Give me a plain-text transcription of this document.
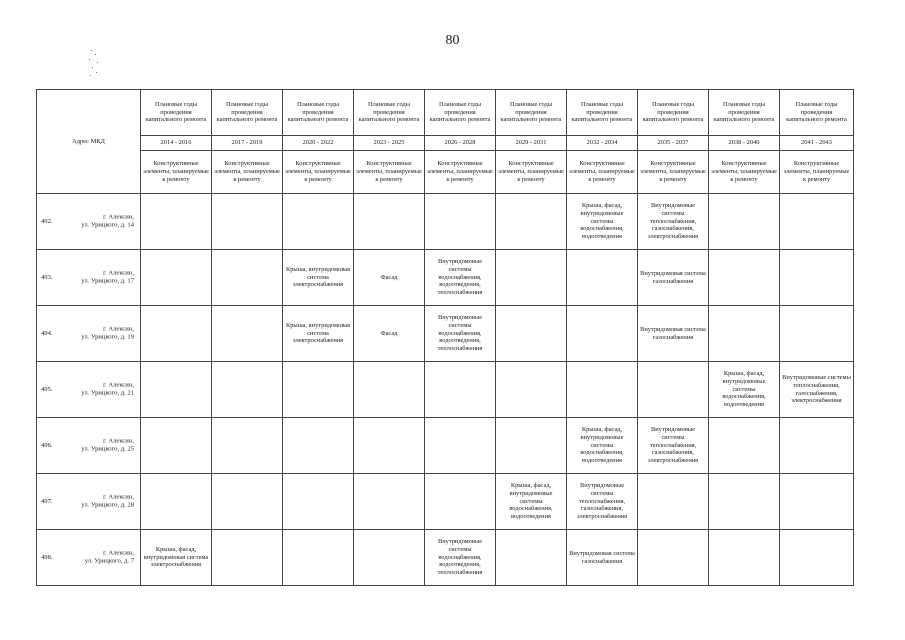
80
Адрес МКД	Плановые годы проведения капитального ремонта	Плановые годы проведения капитального ремонта	Плановые годы проведения капитального ремонта	Плановые годы проведения капитального ремонта	Плановые годы проведения капитального ремонта	Плановые годы проведения капитального ремонта	Плановые годы проведения капитального ремонта	Плановые годы проведения капитального ремонта	Плановые годы проведения капитального ремонта	Плановые годы проведения капитального ремонта
	2014 - 2016	2017 - 2019	2020 - 2022	2023 - 2025	2026 - 2028	2029 - 2031	2032 - 2034	2035 - 2037	2038 - 2040	2041 - 2043
	Конструктивные элементы, планируемые к ремонту	Конструктивные элементы, планируемые к ремонту	Конструктивные элементы, планируемые к ремонту	Конструктивные элементы, планируемые к ремонту	Конструктивные элементы, планируемые к ремонту	Конструктивные элементы, планируемые к ремонту	Конструктивные элементы, планируемые к ремонту	Конструктивные элементы, планируемые к ремонту	Конструктивные элементы, планируемые к ремонту	Конструктивные элементы, планируемые к ремонту

492.
г. Алексин,
ул. Урицкого, д. 14							Крыша, фасад, внутридомовые системы водоснабжения, водоотведения	Внутридомовые системы теплоснабжения, газоснабжения, электроснабжения		

493.
г. Алексин,
ул. Урицкого, д. 17			Крыша, внутридомовая система электроснабжения	Фасад	Внутридомовые системы водоснабжения, водоотведения, теплоснабжения			Внутридомовая система газоснабжения		

494.
г. Алексин,
ул. Урицкого, д. 19			Крыша, внутридомовая система электроснабжения	Фасад	Внутридомовые системы водоснабжения, водоотведения, теплоснабжения			Внутридомовая система газоснабжения		

495.
г. Алексин,
ул. Урицкого, д. 21									Крыша, фасад, внутридомовые системы водоснабжения, водоотведения	Внутридомовые системы теплоснабжения, газоснабжения, электроснабжения

496.
г. Алексин,
ул. Урицкого, д. 25							Крыша, фасад, внутридомовые системы водоснабжения, водоотведения	Внутридомовые системы теплоснабжения, газоснабжения, электроснабжения		

497.
г. Алексин,
ул. Урицкого, д. 28						Крыша, фасад, внутридомовые системы водоснабжения, водоотведения	Внутридомовые системы теплоснабжения, газоснабжения, электроснабжения			

498.
г. Алексин,
ул. Урицкого, д. 7	Крыша, фасад, внутридомовая система электроснабжения				Внутридомовые системы водоснабжения, водоотведения, теплоснабжения		Внутридомовая система газоснабжения			
